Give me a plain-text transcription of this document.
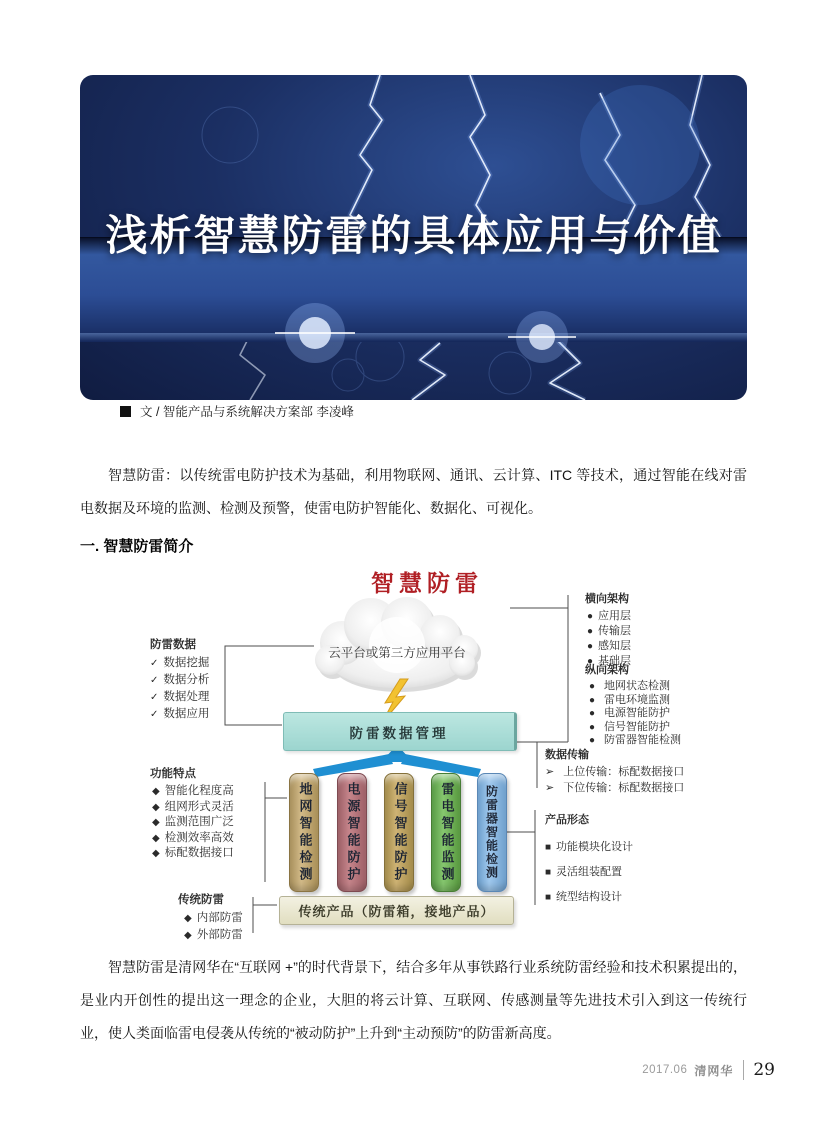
浅析智慧防雷的具体应用与价值
文 / 智能产品与系统解决方案部 李凌峰
智慧防雷：以传统雷电防护技术为基础，利用物联网、通讯、云计算、ITC 等技术，通过智能在线对雷电数据及环境的监测、检测及预警，使雷电防护智能化、数据化、可视化。
一. 智慧防雷简介
智慧防雷
云平台或第三方应用平台
防雷数据管理
地网智能检测	电源智能防护	信号智能防护	雷电智能监测	防雷器智能检测
传统产品（防雷箱，接地产品）
防雷数据
✓ 数据挖掘
✓ 数据分析
✓ 数据处理
✓ 数据应用
功能特点
◆ 智能化程度高
◆ 组网形式灵活
◆ 监测范围广泛
◆ 检测效率高效
◆ 标配数据接口
传统防雷
◆ 内部防雷
◆ 外部防雷
横向架构
● 应用层
● 传输层
● 感知层
● 基础层
纵向架构
● 地网状态检测
● 雷电环境监测
● 电源智能防护
● 信号智能防护
● 防雷器智能检测
数据传输
➢ 上位传输：标配数据接口
➢ 下位传输：标配数据接口
产品形态
■ 功能模块化设计
■ 灵活组装配置
■ 统型结构设计
智慧防雷是清网华在“互联网 +”的时代背景下，结合多年从事铁路行业系统防雷经验和技术积累提出的，是业内开创性的提出这一理念的企业，大胆的将云计算、互联网、传感测量等先进技术引入到这一传统行业，使人类面临雷电侵袭从传统的“被动防护”上升到“主动预防”的防雷新高度。
2017.06 清网华 29
